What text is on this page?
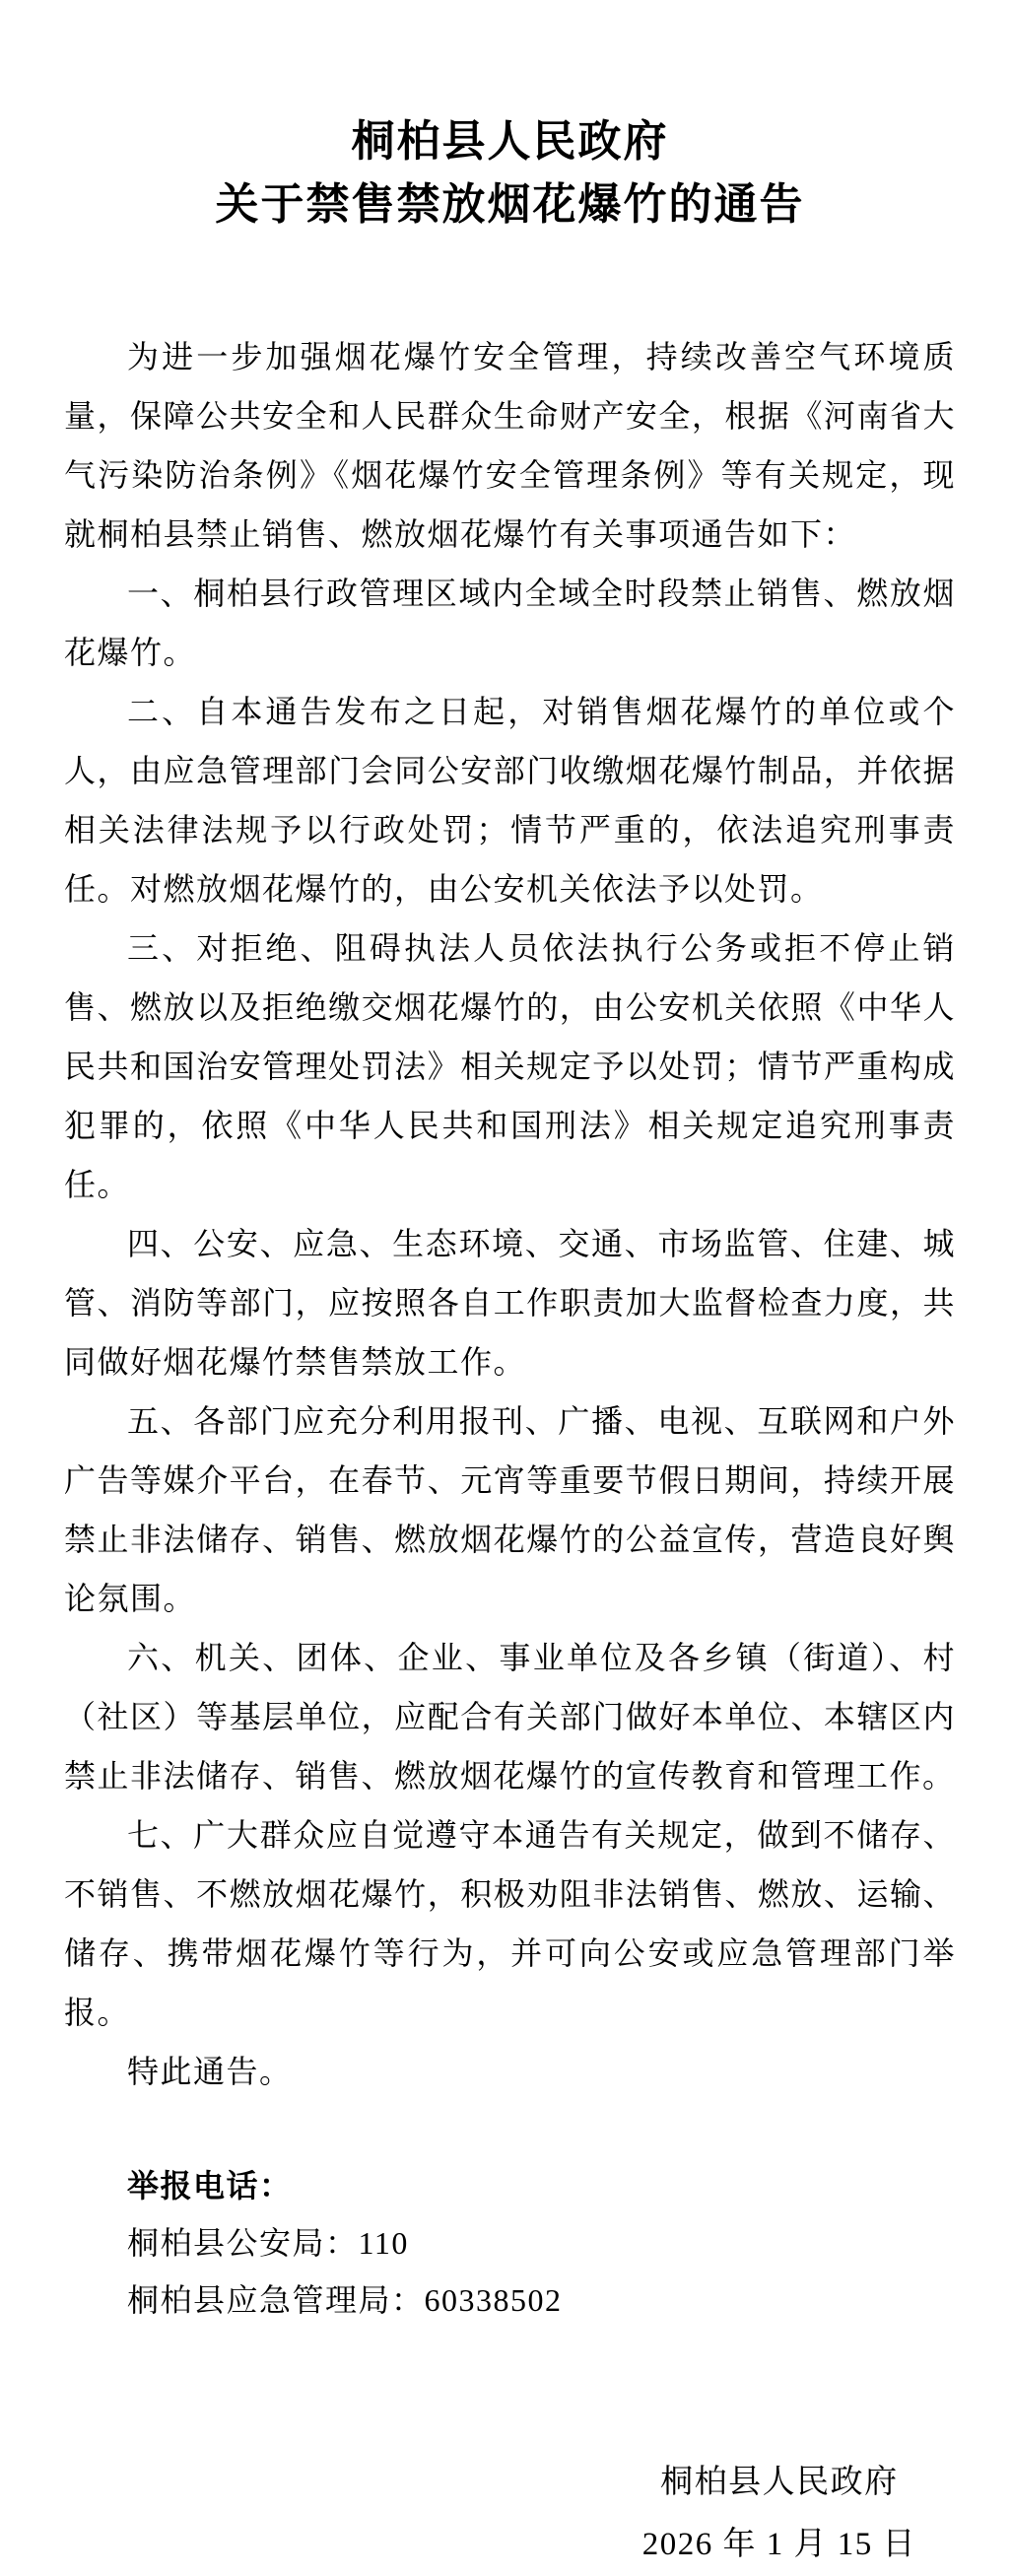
桐柏县人民政府
关于禁售禁放烟花爆竹的通告

为进一步加强烟花爆竹安全管理，持续改善空气环境质量，保障公共安全和人民群众生命财产安全，根据《河南省大气污染防治条例》《烟花爆竹安全管理条例》等有关规定，现就桐柏县禁止销售、燃放烟花爆竹有关事项通告如下：

一、桐柏县行政管理区域内全域全时段禁止销售、燃放烟花爆竹。

二、自本通告发布之日起，对销售烟花爆竹的单位或个人，由应急管理部门会同公安部门收缴烟花爆竹制品，并依据相关法律法规予以行政处罚；情节严重的，依法追究刑事责任。对燃放烟花爆竹的，由公安机关依法予以处罚。

三、对拒绝、阻碍执法人员依法执行公务或拒不停止销售、燃放以及拒绝缴交烟花爆竹的，由公安机关依照《中华人民共和国治安管理处罚法》相关规定予以处罚；情节严重构成犯罪的，依照《中华人民共和国刑法》相关规定追究刑事责任。

四、公安、应急、生态环境、交通、市场监管、住建、城管、消防等部门，应按照各自工作职责加大监督检查力度，共同做好烟花爆竹禁售禁放工作。

五、各部门应充分利用报刊、广播、电视、互联网和户外广告等媒介平台，在春节、元宵等重要节假日期间，持续开展禁止非法储存、销售、燃放烟花爆竹的公益宣传，营造良好舆论氛围。

六、机关、团体、企业、事业单位及各乡镇（街道）、村（社区）等基层单位，应配合有关部门做好本单位、本辖区内禁止非法储存、销售、燃放烟花爆竹的宣传教育和管理工作。

七、广大群众应自觉遵守本通告有关规定，做到不储存、不销售、不燃放烟花爆竹，积极劝阻非法销售、燃放、运输、储存、携带烟花爆竹等行为，并可向公安或应急管理部门举报。

特此通告。

举报电话：

桐柏县公安局：110

桐柏县应急管理局：60338502

桐柏县人民政府

2026 年 1 月 15 日
